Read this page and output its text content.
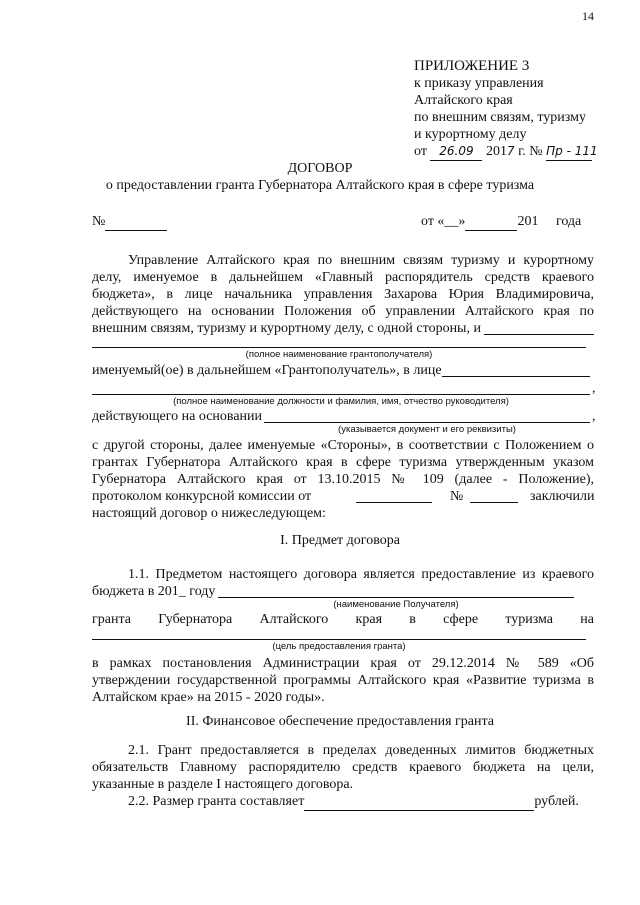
14
ПРИЛОЖЕНИЕ 3
к приказу управления
Алтайского края
по внешним связям, туризму
и курортному делу
от 26.09 2017 г. № Пр - 111
ДОГОВОР
о предоставлении гранта Губернатора Алтайского края в сфере туризма
№	от «__»	201 года
Управление Алтайского края по внешним связям туризму и курортному
делу, именуемое в дальнейшем «Главный распорядитель средств краевого
бюджета», в лице начальника управления Захарова Юрия Владимировича,
действующего на основании Положения об управлении Алтайского края по
внешним связям, туризму и курортному делу, с одной стороны, и
(полное наименование грантополучателя)
именуемый(ое) в дальнейшем «Грантополучатель», в лице
,
(полное наименование должности и фамилия, имя, отчество руководителя)
действующего на основании	,
(указывается документ и его реквизиты)
с другой стороны, далее именуемые «Стороны», в соответствии с Положением о
грантах Губернатора Алтайского края в сфере туризма утвержденным указом
Губернатора Алтайского края от 13.10.2015 № 109 (далее - Положение),
протоколом конкурсной комиссии от	№	заключили
настоящий договор о нижеследующем:
I. Предмет договора
1.1. Предметом настоящего договора является предоставление из краевого
бюджета в 201_ году
(наименование Получателя)
гранта Губернатора Алтайского края в сфере туризма на
(цель предоставления гранта)
в рамках постановления Администрации края от 29.12.2014 № 589 «Об
утверждении государственной программы Алтайского края «Развитие туризма в
Алтайском крае» на 2015 - 2020 годы».
II. Финансовое обеспечение предоставления гранта
2.1. Грант предоставляется в пределах доведенных лимитов бюджетных
обязательств Главному распорядителю средств краевого бюджета на цели,
указанные в разделе I настоящего договора.
2.2. Размер гранта составляет	рублей.
